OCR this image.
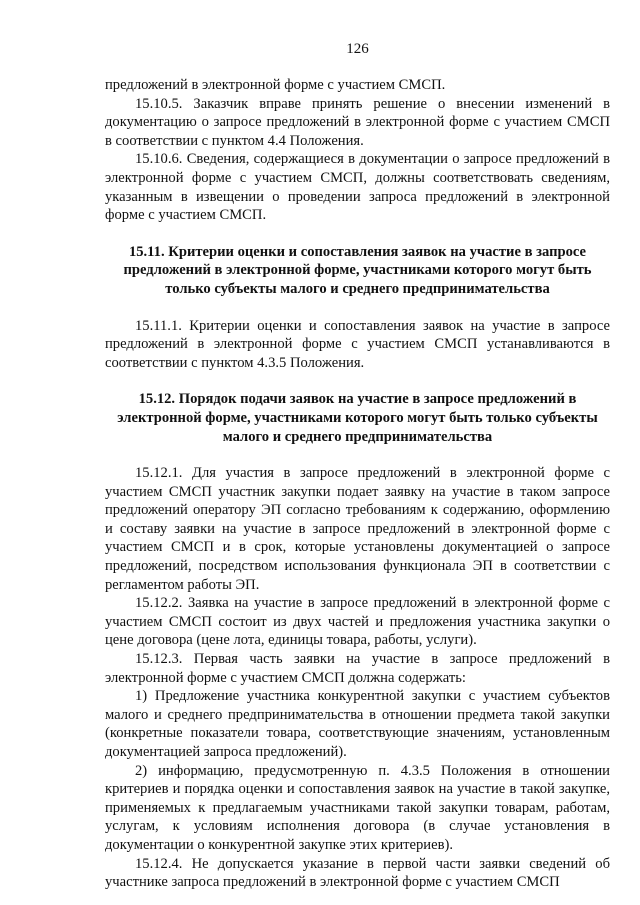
126

предложений в электронной форме с участием СМСП.

15.10.5. Заказчик вправе принять решение о внесении изменений в документацию о запросе предложений в электронной форме с участием СМСП в соответствии с пунктом 4.4 Положения.

15.10.6. Сведения, содержащиеся в документации о запросе предложений в электронной форме с участием СМСП, должны соответствовать сведениям, указанным в извещении о проведении запроса предложений в электронной форме с участием СМСП.

15.11. Критерии оценки и сопоставления заявок на участие в запросе предложений в электронной форме, участниками которого могут быть только субъекты малого и среднего предпринимательства

15.11.1. Критерии оценки и сопоставления заявок на участие в запросе предложений в электронной форме с участием СМСП устанавливаются в соответствии с пунктом 4.3.5 Положения.

15.12. Порядок подачи заявок на участие в запросе предложений в электронной форме, участниками которого могут быть только субъекты малого и среднего предпринимательства

15.12.1. Для участия в запросе предложений в электронной форме с участием СМСП участник закупки подает заявку на участие в таком запросе предложений оператору ЭП согласно требованиям к содержанию, оформлению и составу заявки на участие в запросе предложений в электронной форме с участием СМСП и в срок, которые установлены документацией о запросе предложений, посредством использования функционала ЭП в соответствии с регламентом работы ЭП.

15.12.2. Заявка на участие в запросе предложений в электронной форме с участием СМСП состоит из двух частей и предложения участника закупки о цене договора (цене лота, единицы товара, работы, услуги).

15.12.3. Первая часть заявки на участие в запросе предложений в электронной форме с участием СМСП должна содержать:

1) Предложение участника конкурентной закупки с участием субъектов малого и среднего предпринимательства в отношении предмета такой закупки (конкретные показатели товара, соответствующие значениям, установленным документацией запроса предложений).

2) информацию, предусмотренную п. 4.3.5 Положения в отношении критериев и порядка оценки и сопоставления заявок на участие в такой закупке, применяемых к предлагаемым участниками такой закупки товарам, работам, услугам, к условиям исполнения договора (в случае установления в документации о конкурентной закупке этих критериев).

15.12.4. Не допускается указание в первой части заявки сведений об участнике запроса предложений в электронной форме с участием СМСП
